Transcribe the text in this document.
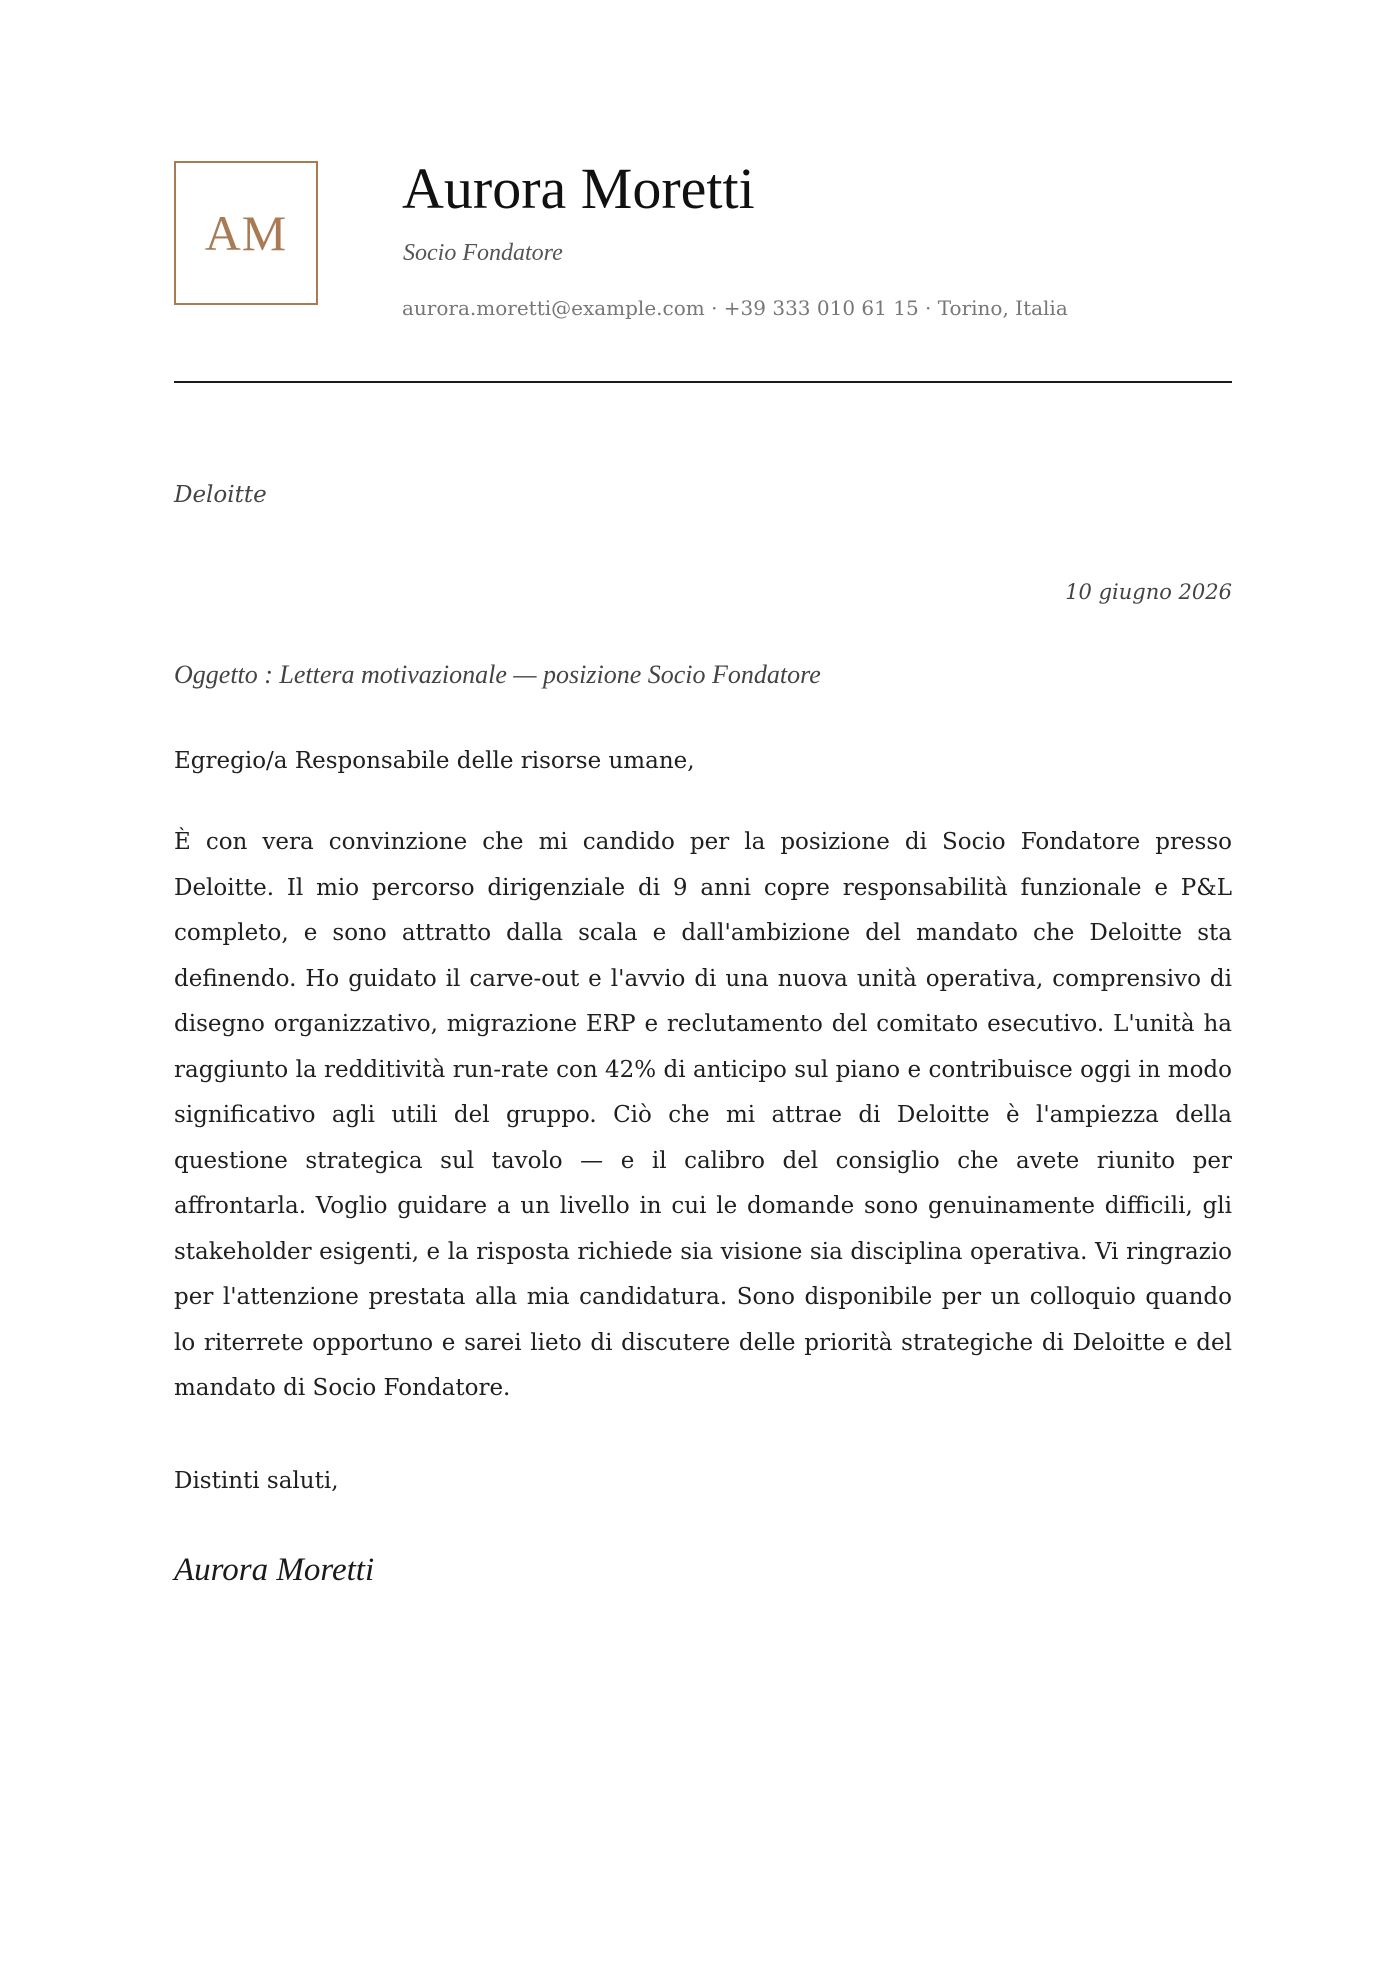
AM
Aurora Moretti
Socio Fondatore
aurora.moretti@example.com · +39 333 010 61 15 · Torino, Italia
Deloitte
10 giugno 2026
Oggetto : Lettera motivazionale — posizione Socio Fondatore
Egregio/a Responsabile delle risorse umane,

È con vera convinzione che mi candido per la posizione di Socio Fondatore presso Deloitte. Il mio percorso dirigenziale di 9 anni copre responsabilità funzionale e P&L completo, e sono attratto dalla scala e dall'ambizione del mandato che Deloitte sta definendo. Ho guidato il carve-out e l'avvio di una nuova unità operativa, comprensivo di disegno organizzativo, migrazione ERP e reclutamento del comitato esecutivo. L'unità ha raggiunto la redditività run-rate con 42% di anticipo sul piano e contribuisce oggi in modo significativo agli utili del gruppo. Ciò che mi attrae di Deloitte è l'ampiezza della questione strategica sul tavolo — e il calibro del consiglio che avete riunito per affrontarla. Voglio guidare a un livello in cui le domande sono genuinamente difficili, gli stakeholder esigenti, e la risposta richiede sia visione sia disciplina operativa. Vi ringrazio per l'attenzione prestata alla mia candidatura. Sono disponibile per un colloquio quando lo riterrete opportuno e sarei lieto di discutere delle priorità strategiche di Deloitte e del mandato di Socio Fondatore.

Distinti saluti,
Aurora Moretti
